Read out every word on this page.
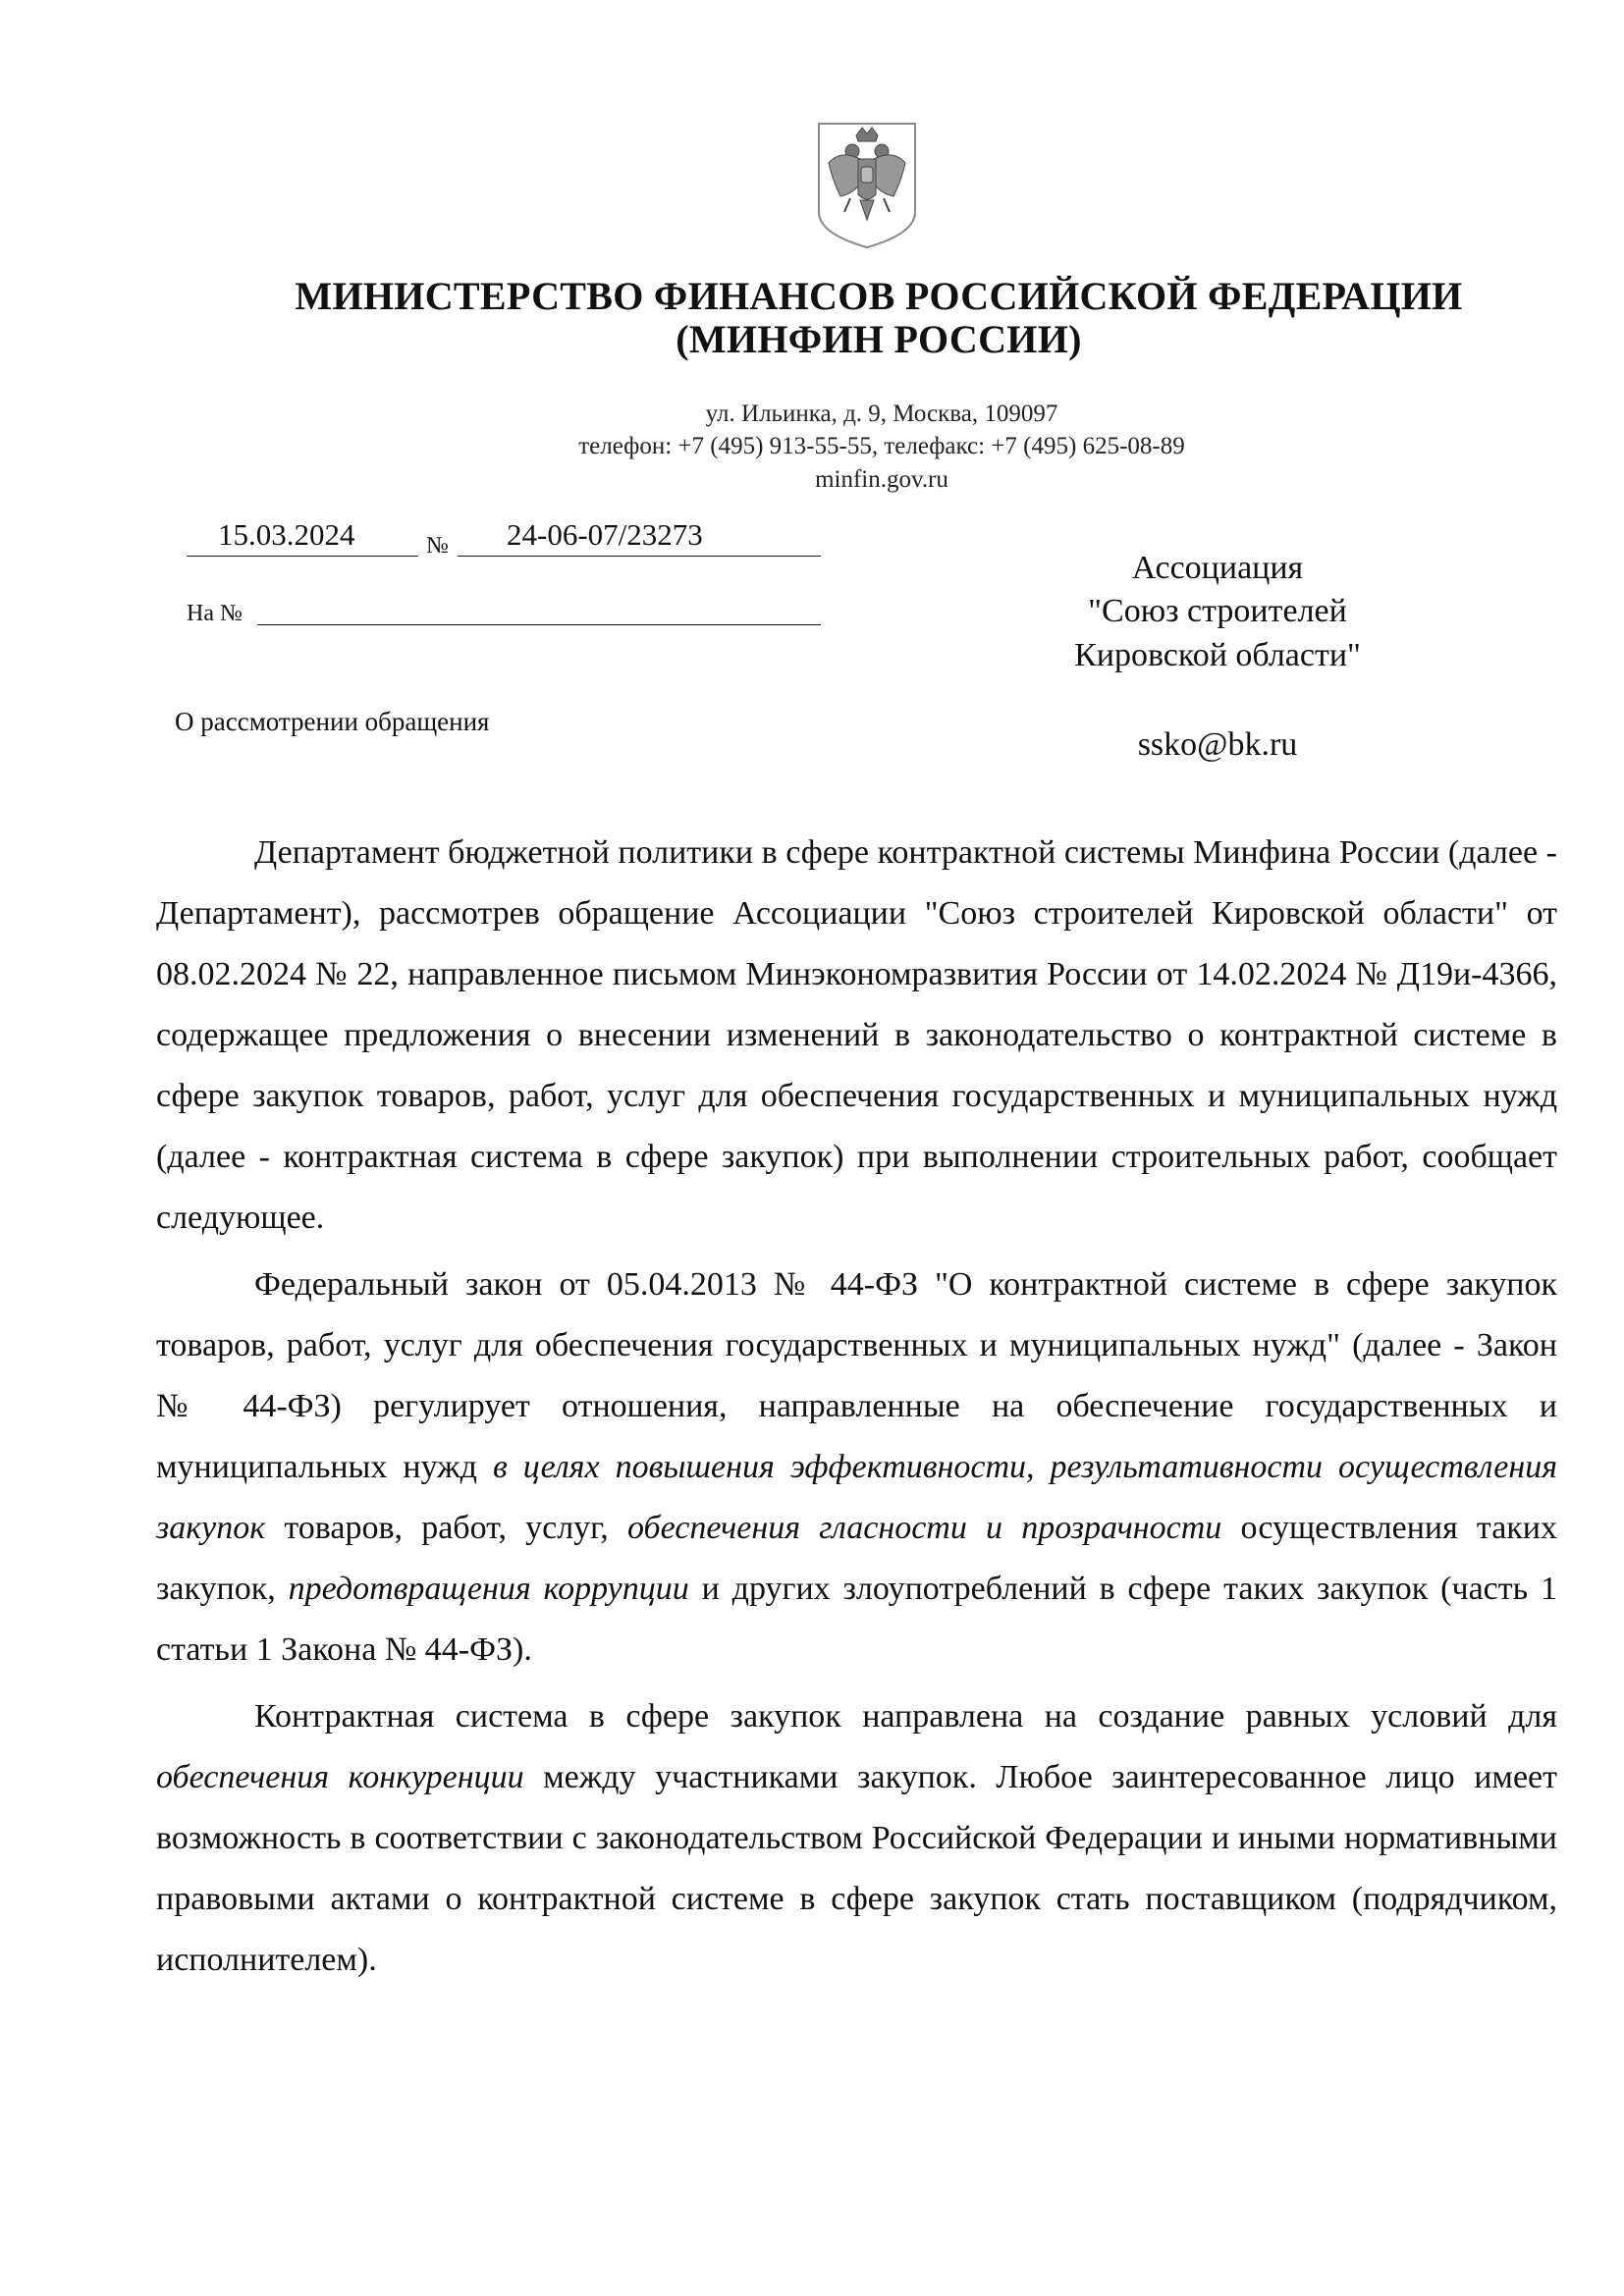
МИНИСТЕРСТВО ФИНАНСОВ РОССИЙСКОЙ ФЕДЕРАЦИИ
(МИНФИН РОССИИ)
ул. Ильинка, д. 9, Москва, 109097
телефон: +7 (495) 913-55-55, телефакс: +7 (495) 625-08-89
minfin.gov.ru
15.03.2024	№ 24-06-07/23273
На №
О рассмотрении обращения
Ассоциация
"Союз строителей
Кировской области"
ssko@bk.ru

Департамент бюджетной политики в сфере контрактной системы Минфина России (далее - Департамент), рассмотрев обращение Ассоциации "Союз строителей Кировской области" от 08.02.2024 № 22, направленное письмом Минэкономразвития России от 14.02.2024 № Д19и-4366, содержащее предложения о внесении изменений в законодательство о контрактной системе в сфере закупок товаров, работ, услуг для обеспечения государственных и муниципальных нужд (далее - контрактная система в сфере закупок) при выполнении строительных работ, сообщает следующее.

Федеральный закон от 05.04.2013 № 44-ФЗ "О контрактной системе в сфере закупок товаров, работ, услуг для обеспечения государственных и муниципальных нужд" (далее - Закон № 44-ФЗ) регулирует отношения, направленные на обеспечение государственных и муниципальных нужд в целях повышения эффективности, результативности осуществления закупок товаров, работ, услуг, обеспечения гласности и прозрачности осуществления таких закупок, предотвращения коррупции и других злоупотреблений в сфере таких закупок (часть 1 статьи 1 Закона № 44-ФЗ).

Контрактная система в сфере закупок направлена на создание равных условий для обеспечения конкуренции между участниками закупок. Любое заинтересованное лицо имеет возможность в соответствии с законодательством Российской Федерации и иными нормативными правовыми актами о контрактной системе в сфере закупок стать поставщиком (подрядчиком, исполнителем).
